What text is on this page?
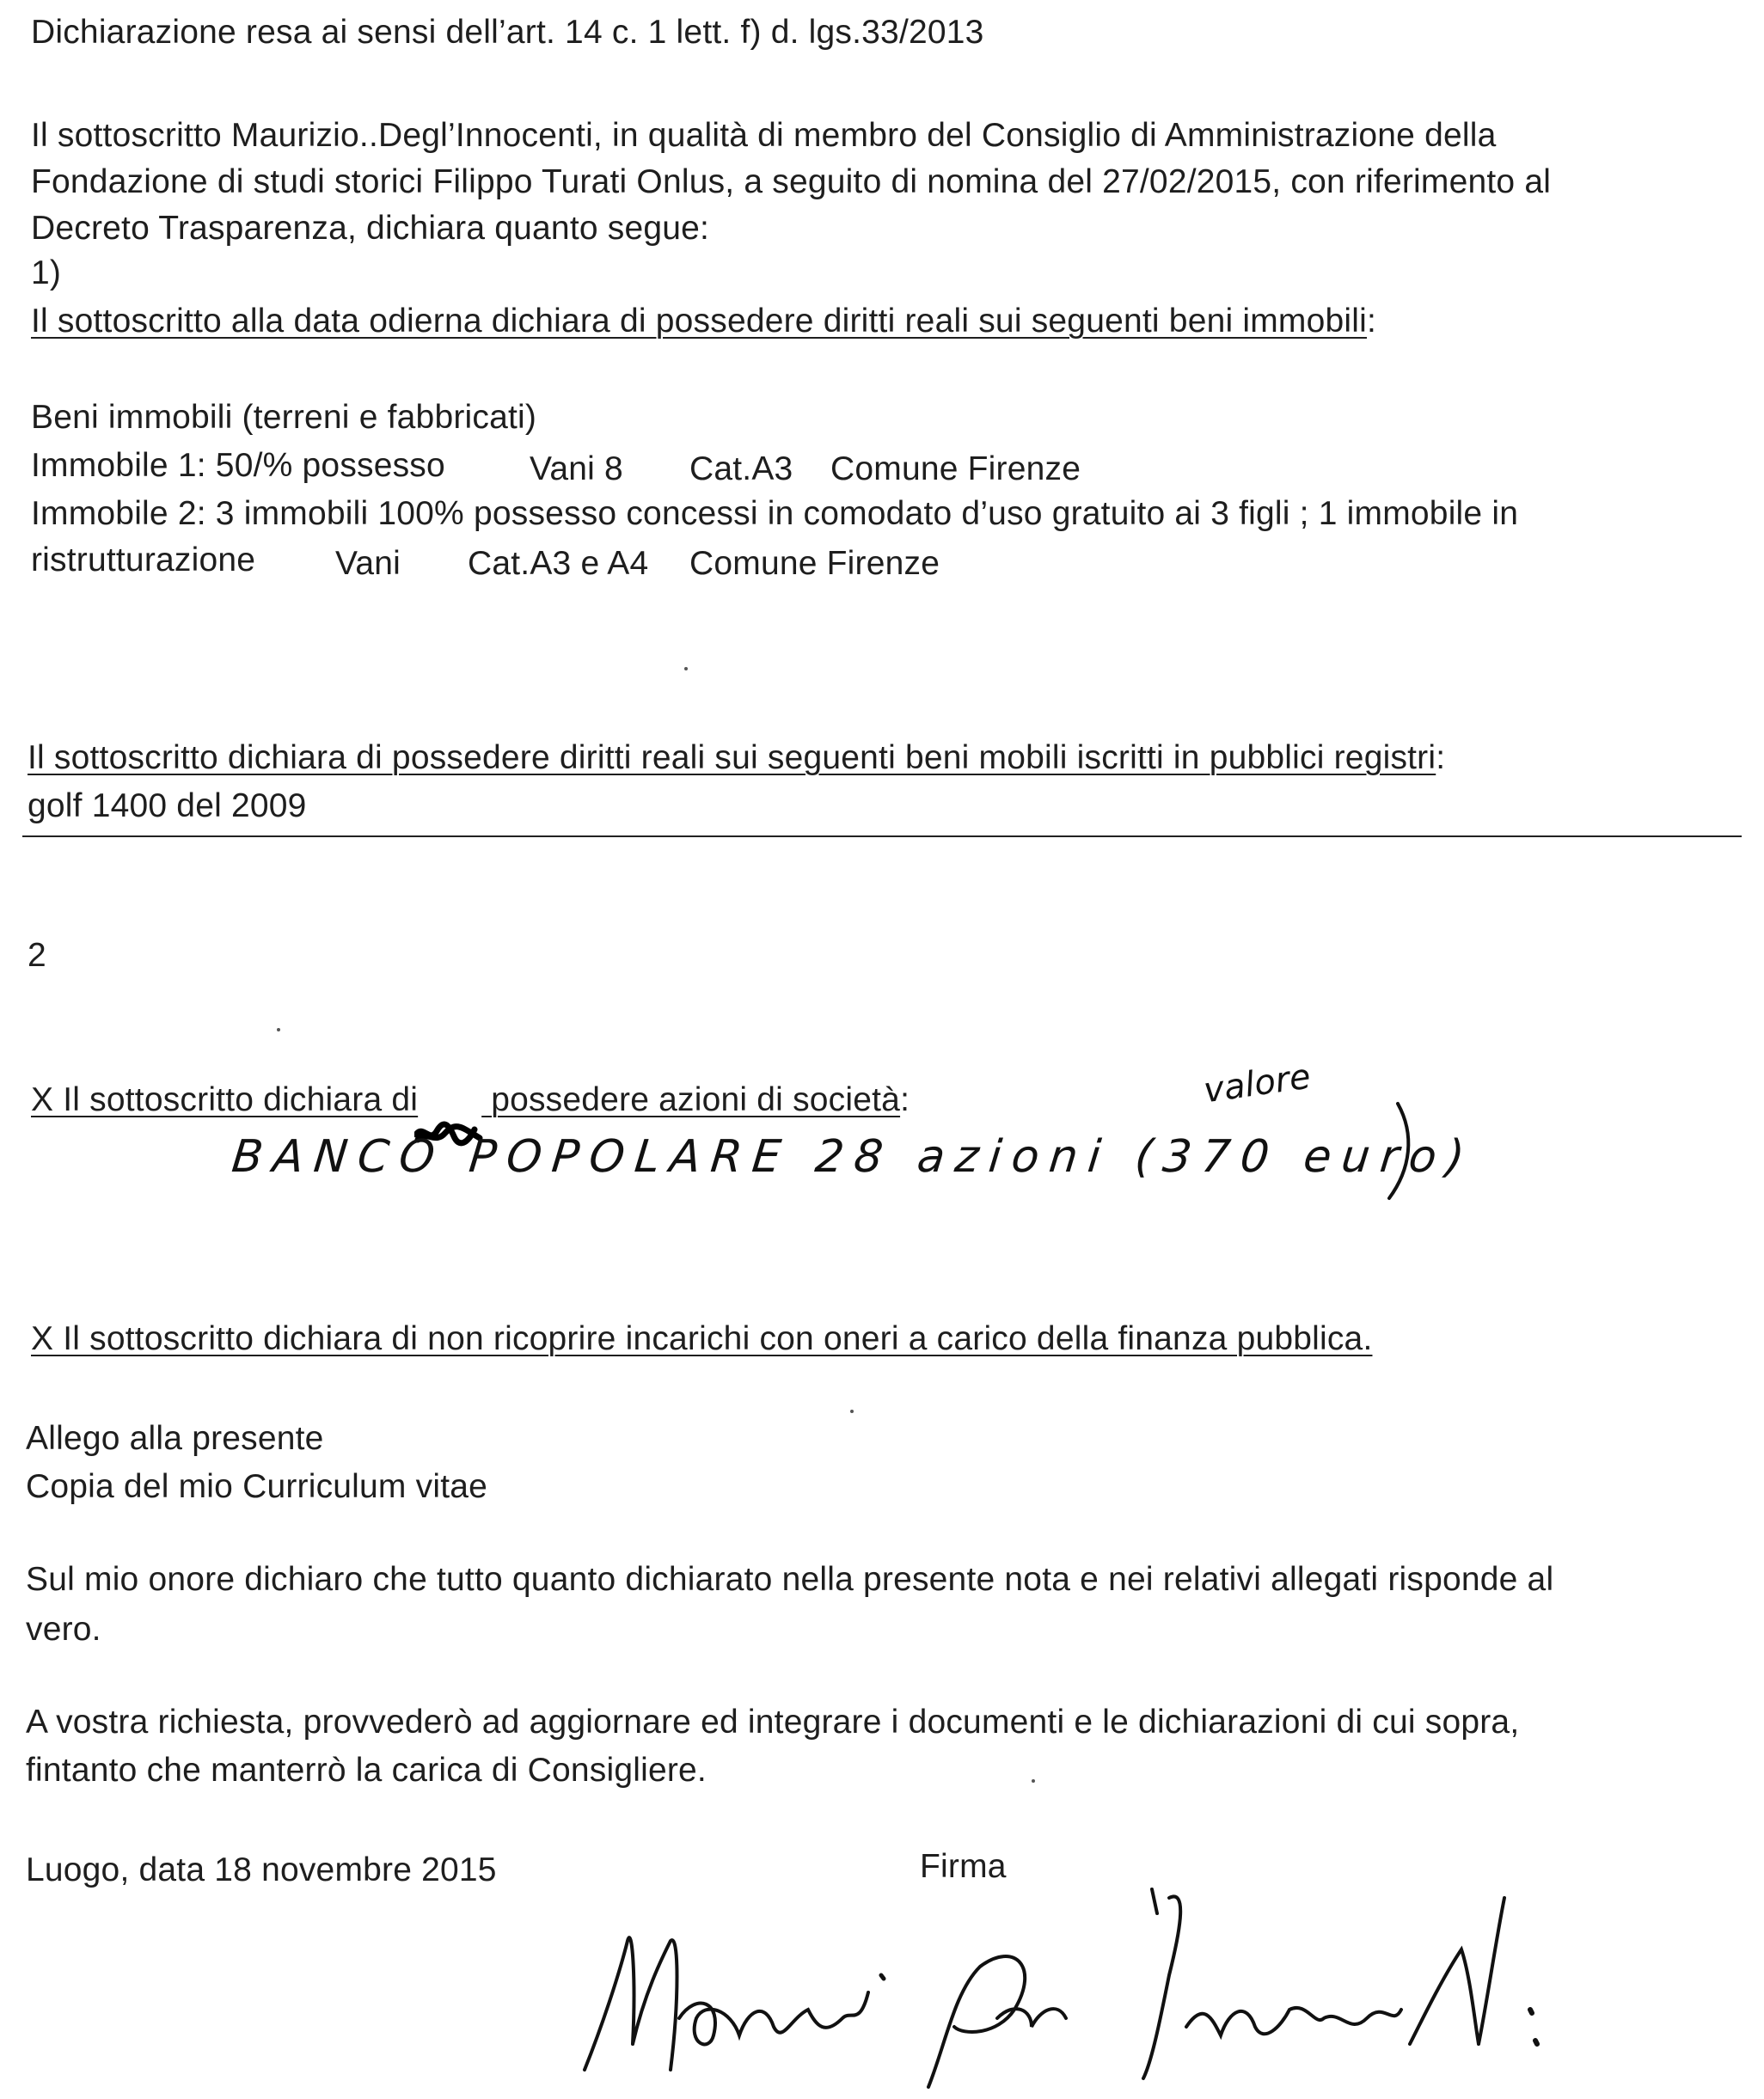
Dichiarazione resa ai sensi dell’art. 14 c. 1 lett. f) d. lgs.33/2013
Il sottoscritto Maurizio..Degl’Innocenti, in qualità di membro del Consiglio di Amministrazione della
Fondazione di studi storici Filippo Turati Onlus, a seguito di nomina del 27/02/2015, con riferimento al
Decreto Trasparenza, dichiara quanto segue:
1)
Il sottoscritto alla data odierna dichiara di possedere diritti reali sui seguenti beni immobili:
Beni immobili (terreni e fabbricati)
Immobile 1: 50/% possesso	Vani 8 Cat.A3 Comune Firenze
Immobile 2: 3 immobili 100% possesso concessi in comodato d’uso gratuito ai 3 figli ; 1 immobile in
ristrutturazione Vani Cat.A3 e A4 Comune Firenze
Il sottoscritto dichiara di possedere diritti reali sui seguenti beni mobili iscritti in pubblici registri:
golf 1400 del 2009
2
X Il sottoscritto dichiara di
possedere azioni di società:	valore
BANCO POPOLARE 28 azioni (370 euro)
X Il sottoscritto dichiara di non ricoprire incarichi con oneri a carico della finanza pubblica.
Allego alla presente
Copia del mio Curriculum vitae
Sul mio onore dichiaro che tutto quanto dichiarato nella presente nota e nei relativi allegati risponde al
vero.
A vostra richiesta, provvederò ad aggiornare ed integrare i documenti e le dichiarazioni di cui sopra,
fintanto che manterrò la carica di Consigliere.
Luogo, data 18 novembre 2015	Firma
